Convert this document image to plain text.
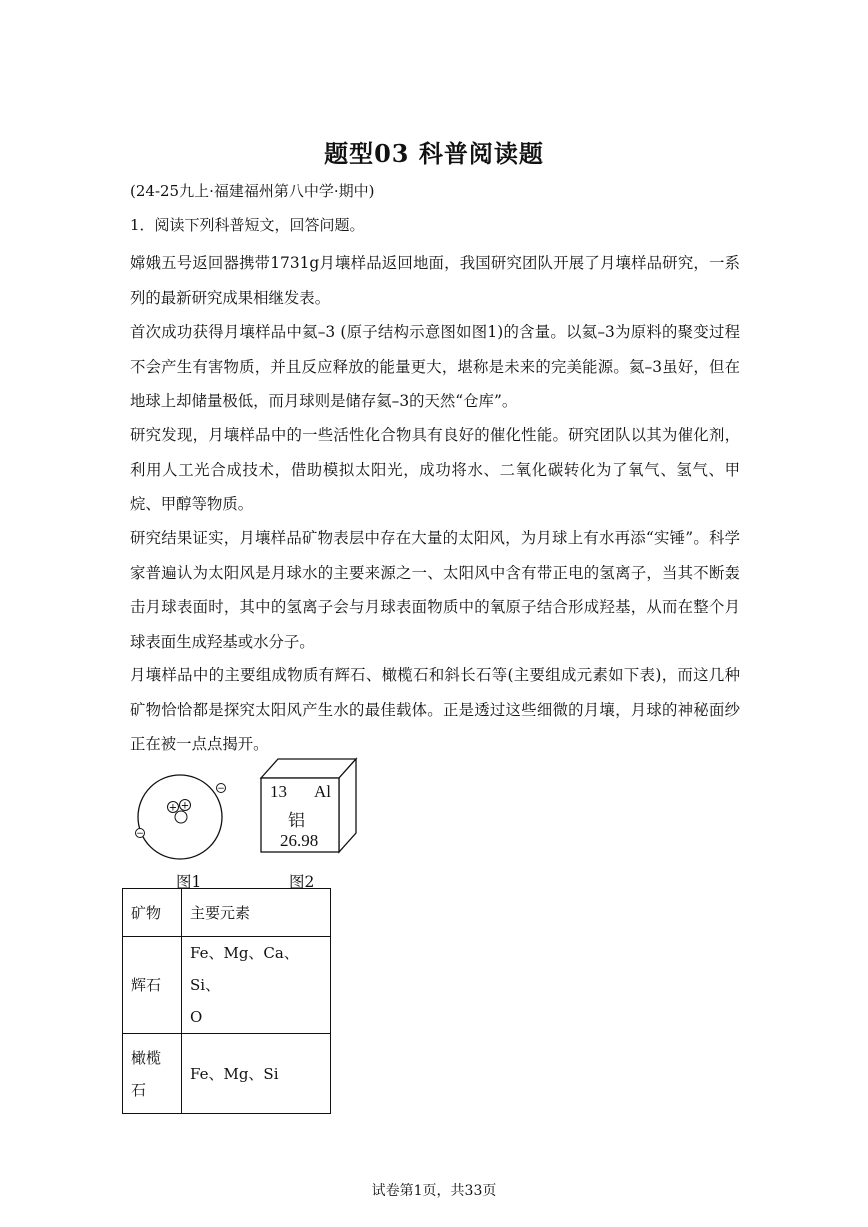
题型03 科普阅读题
(24-25九上·福建福州第八中学·期中)
1．阅读下列科普短文，回答问题。

嫦娥五号返回器携带1731g月壤样品返回地面，我国研究团队开展了月壤样品研究，一系列的最新研究成果相继发表。

首次成功获得月壤样品中氦–3 (原子结构示意图如图1)的含量。以氦–3为原料的聚变过程不会产生有害物质，并且反应释放的能量更大，堪称是未来的完美能源。氦–3虽好，但在地球上却储量极低，而月球则是储存氦–3的天然“仓库”。

研究发现，月壤样品中的一些活性化合物具有良好的催化性能。研究团队以其为催化剂，利用人工光合成技术，借助模拟太阳光，成功将水、二氧化碳转化为了氧气、氢气、甲烷、甲醇等物质。

研究结果证实，月壤样品矿物表层中存在大量的太阳风，为月球上有水再添“实锤”。科学家普遍认为太阳风是月球水的主要来源之一、太阳风中含有带正电的氢离子，当其不断轰击月球表面时，其中的氢离子会与月球表面物质中的氧原子结合形成羟基，从而在整个月球表面生成羟基或水分子。

月壤样品中的主要组成物质有辉石、橄榄石和斜长石等(主要组成元素如下表)，而这几种矿物恰恰都是探究太阳风产生水的最佳载体。正是透过这些细微的月壤，月球的神秘面纱正在被一点点揭开。

+ +
−
−
13 Al
铝
26.98
图1	图2
矿物	主要元素

辉石	Fe、Mg、Ca、Si、
O

橄榄
石	Fe、Mg、Si
试卷第1页，共33页
